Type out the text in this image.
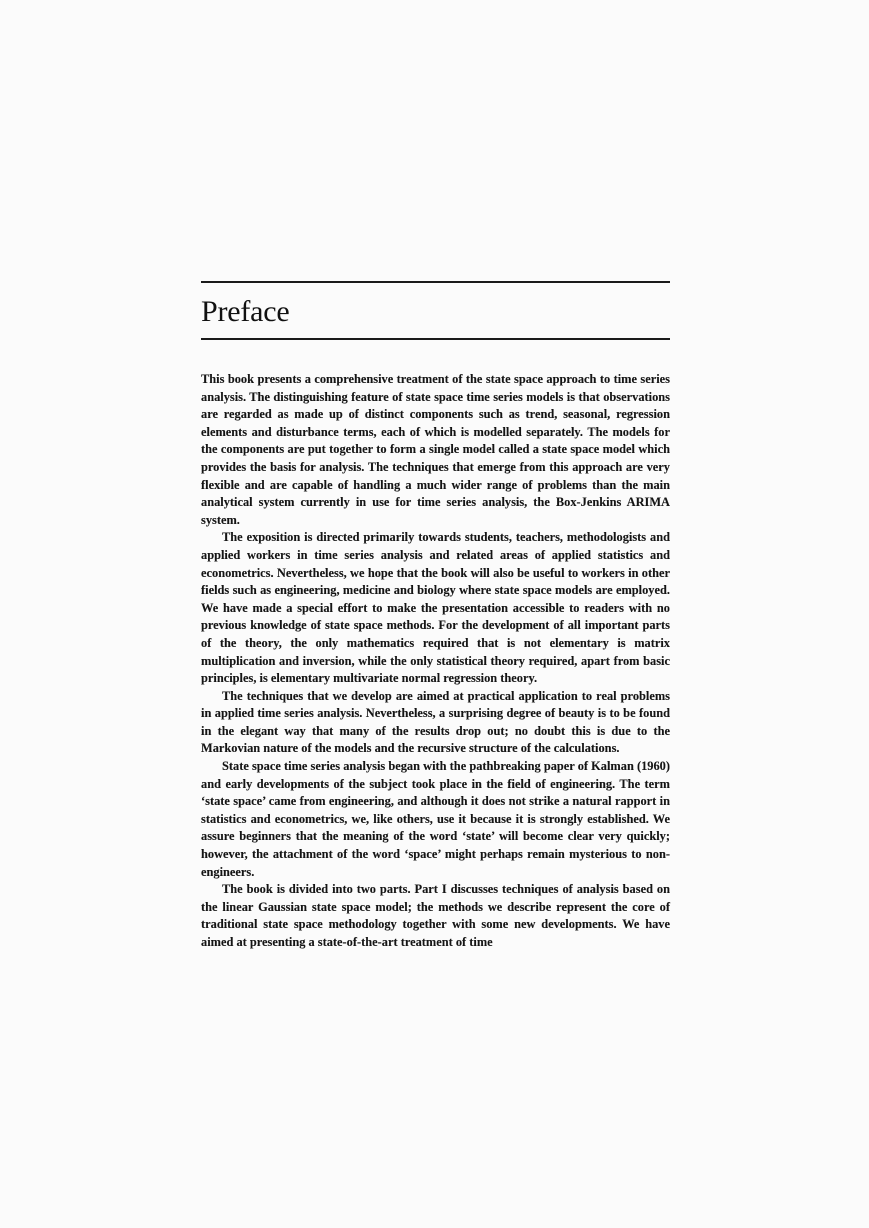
Preface

This book presents a comprehensive treatment of the state space approach to time series analysis. The distinguishing feature of state space time series models is that observations are regarded as made up of distinct components such as trend, seasonal, regression elements and disturbance terms, each of which is modelled separately. The models for the components are put together to form a single model called a state space model which provides the basis for analysis. The techniques that emerge from this approach are very flexible and are capable of handling a much wider range of problems than the main analytical system currently in use for time series analysis, the Box-Jenkins ARIMA system.

The exposition is directed primarily towards students, teachers, methodologists and applied workers in time series analysis and related areas of applied statistics and econometrics. Nevertheless, we hope that the book will also be useful to workers in other fields such as engineering, medicine and biology where state space models are employed. We have made a special effort to make the presentation accessible to readers with no previous knowledge of state space methods. For the development of all important parts of the theory, the only mathematics required that is not elementary is matrix multiplication and inversion, while the only statistical theory required, apart from basic principles, is elementary multivariate normal regression theory.

The techniques that we develop are aimed at practical application to real problems in applied time series analysis. Nevertheless, a surprising degree of beauty is to be found in the elegant way that many of the results drop out; no doubt this is due to the Markovian nature of the models and the recursive structure of the calculations.

State space time series analysis began with the pathbreaking paper of Kalman (1960) and early developments of the subject took place in the field of engineering. The term ‘state space’ came from engineering, and although it does not strike a natural rapport in statistics and econometrics, we, like others, use it because it is strongly established. We assure beginners that the meaning of the word ‘state’ will become clear very quickly; however, the attachment of the word ‘space’ might perhaps remain mysterious to non-engineers.

The book is divided into two parts. Part I discusses techniques of analysis based on the linear Gaussian state space model; the methods we describe represent the core of traditional state space methodology together with some new developments. We have aimed at presenting a state-of-the-art treatment of time
